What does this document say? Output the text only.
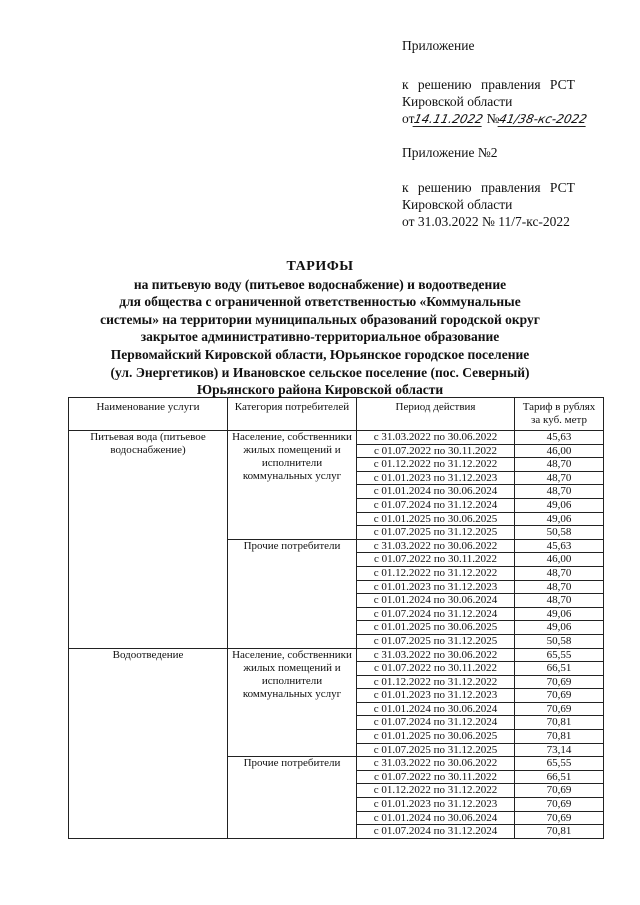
Приложение
к решению правления РСТ
Кировской области
от14.11.2022 №41/38-кс-2022
Приложение №2
к решению правления РСТ
Кировской области
от 31.03.2022 № 11/7-кс-2022
ТАРИФЫ
на питьевую воду (питьевое водоснабжение) и водоотведение
для общества с ограниченной ответственностью «Коммунальные
системы» на территории муниципальных образований городской округ
закрытое административно-территориальное образование
Первомайский Кировской области, Юрьянское городское поселение
(ул. Энергетиков) и Ивановское сельское поселение (пос. Северный)
Юрьянского района Кировской области
Наименование услуги	Категория потребителей	Период действия	Тариф в рублях за куб. метр
Питьевая вода (питьевое водоснабжение)	Население, собственники жилых помещений и исполнители коммунальных услуг	с 31.03.2022 по 30.06.2022	45,63
		с 01.07.2022 по 30.11.2022	46,00
		с 01.12.2022 по 31.12.2022	48,70
		с 01.01.2023 по 31.12.2023	48,70
		с 01.01.2024 по 30.06.2024	48,70
		с 01.07.2024 по 31.12.2024	49,06
		с 01.01.2025 по 30.06.2025	49,06
		с 01.07.2025 по 31.12.2025	50,58
	Прочие потребители	с 31.03.2022 по 30.06.2022	45,63
		с 01.07.2022 по 30.11.2022	46,00
		с 01.12.2022 по 31.12.2022	48,70
		с 01.01.2023 по 31.12.2023	48,70
		с 01.01.2024 по 30.06.2024	48,70
		с 01.07.2024 по 31.12.2024	49,06
		с 01.01.2025 по 30.06.2025	49,06
		с 01.07.2025 по 31.12.2025	50,58
Водоотведение	Население, собственники жилых помещений и исполнители коммунальных услуг	с 31.03.2022 по 30.06.2022	65,55
		с 01.07.2022 по 30.11.2022	66,51
		с 01.12.2022 по 31.12.2022	70,69
		с 01.01.2023 по 31.12.2023	70,69
		с 01.01.2024 по 30.06.2024	70,69
		с 01.07.2024 по 31.12.2024	70,81
		с 01.01.2025 по 30.06.2025	70,81
		с 01.07.2025 по 31.12.2025	73,14
	Прочие потребители	с 31.03.2022 по 30.06.2022	65,55
		с 01.07.2022 по 30.11.2022	66,51
		с 01.12.2022 по 31.12.2022	70,69
		с 01.01.2023 по 31.12.2023	70,69
		с 01.01.2024 по 30.06.2024	70,69
		с 01.07.2024 по 31.12.2024	70,81
